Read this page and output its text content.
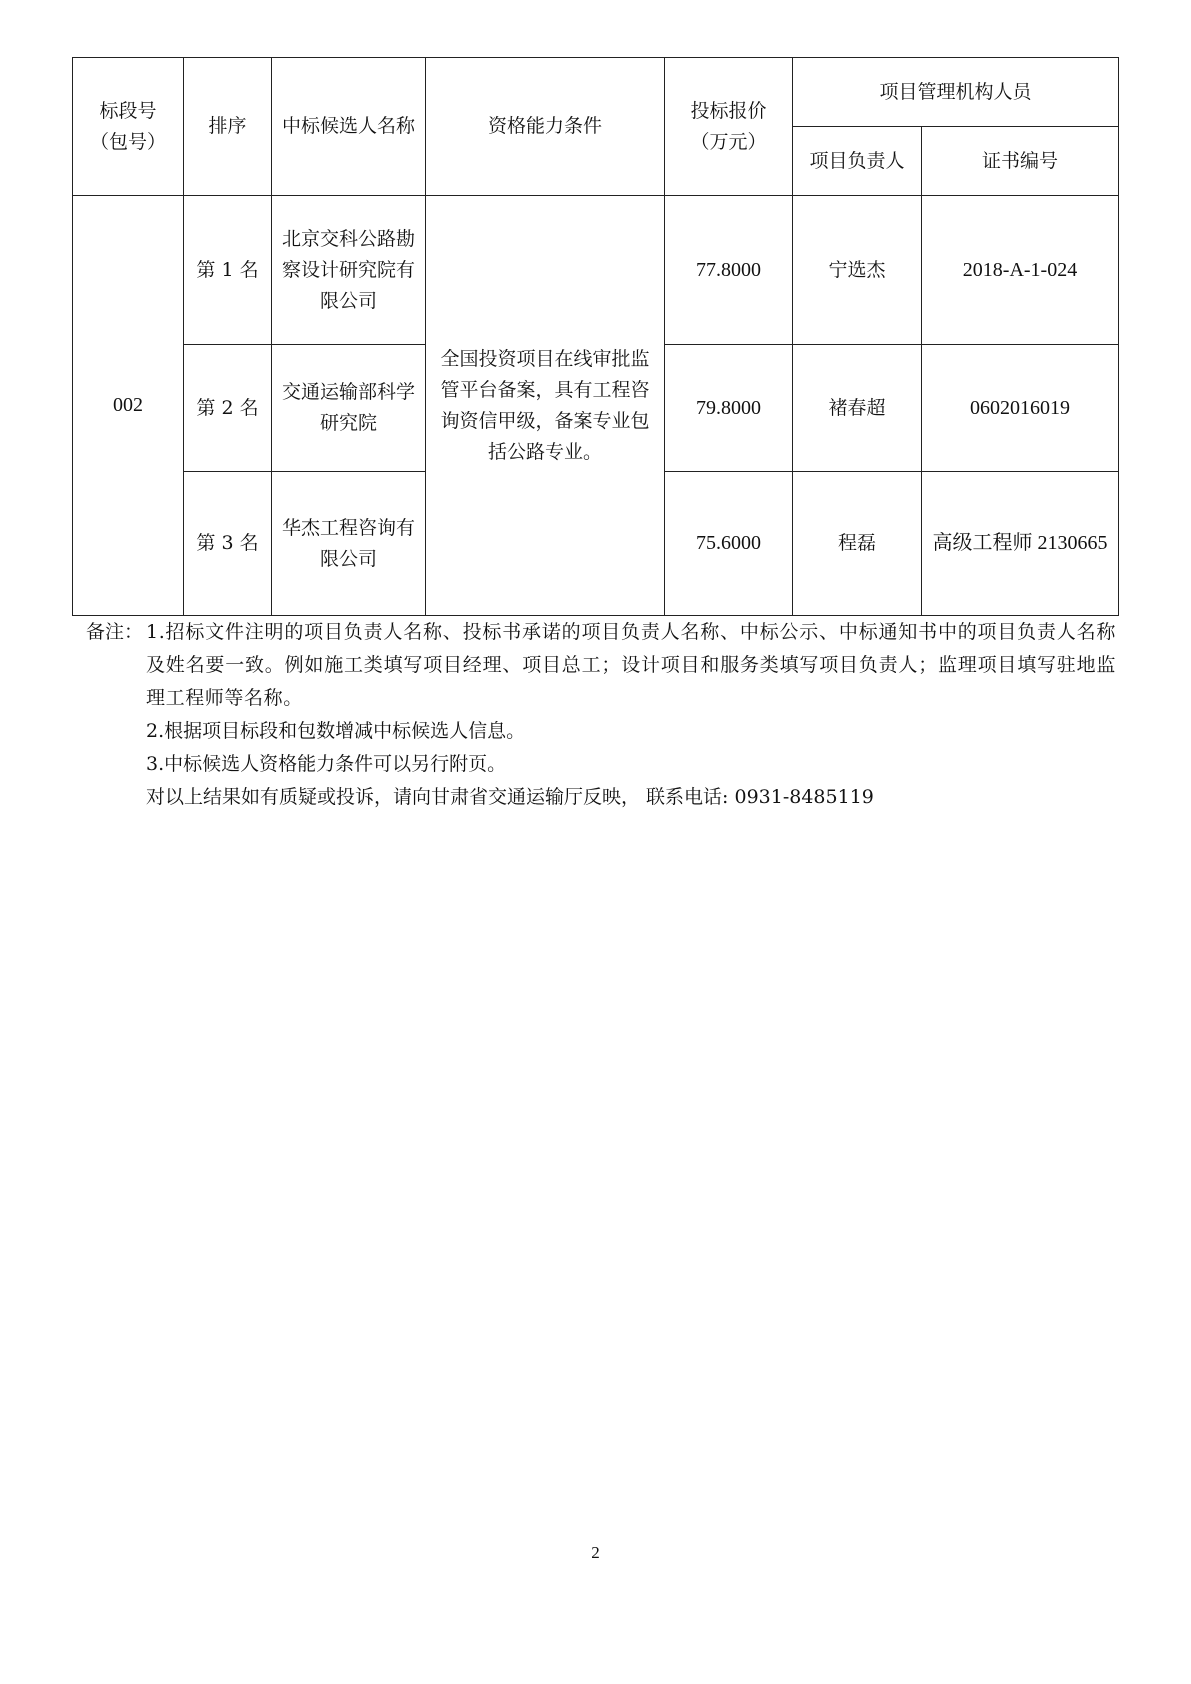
标段号（包号）	排序	中标候选人名称	资格能力条件	投标报价（万元）	项目管理机构人员	
					项目负责人	证书编号
002	第 1 名	北京交科公路勘察设计研究院有限公司	全国投资项目在线审批监管平台备案，具有工程咨询资信甲级，备案专业包括公路专业。	77.8000	宁选杰	2018-A-1-024
	第 2 名	交通运输部科学研究院		79.8000	褚春超	0602016019
	第 3 名	华杰工程咨询有限公司		75.6000	程磊	高级工程师 2130665
备注： 1.招标文件注明的项目负责人名称、投标书承诺的项目负责人名称、中标公示、中标通知书中的项目负责人名称及姓名要一致。例如施工类填写项目经理、项目总工；设计项目和服务类填写项目负责人；监理项目填写驻地监理工程师等名称。
2.根据项目标段和包数增减中标候选人信息。
3.中标候选人资格能力条件可以另行附页。
对以上结果如有质疑或投诉，请向甘肃省交通运输厅反映， 联系电话: 0931-8485119
2
